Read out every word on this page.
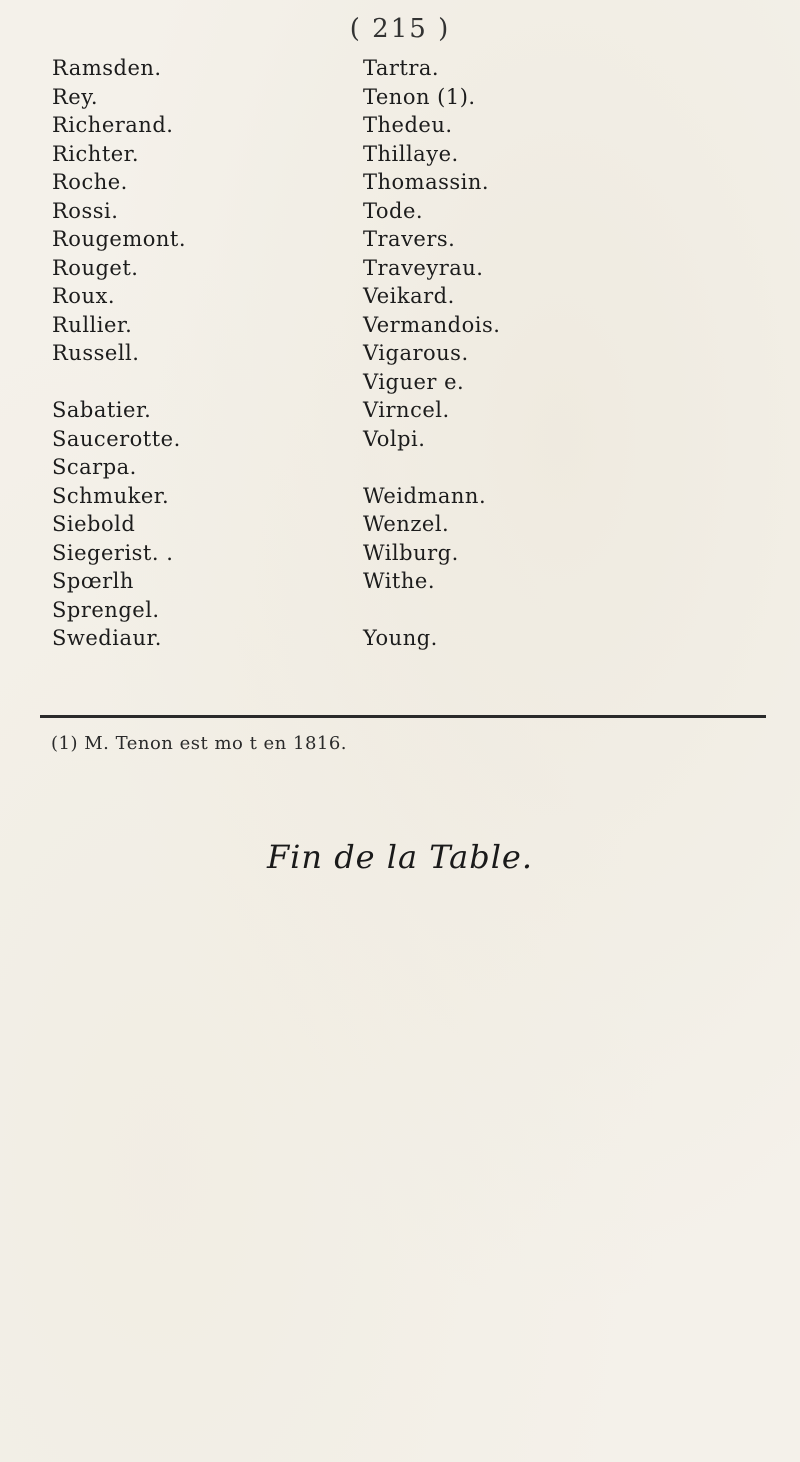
( 215 )
Ramsden.
Rey.
Richerand.
Richter.
Roche.
Rossi.
Rougemont.
Rouget.
Roux.
Rullier.
Russell.
Sabatier.
Saucerotte.
Scarpa.
Schmuker.
Siebold
Siegerist. .
Spœrlh
Sprengel.
Swediaur.
Tartra.
Tenon (1).
Thedeu.
Thillaye.
Thomassin.
Tode.
Travers.
Traveyrau.
Veikard.
Vermandois.
Vigarous.
Viguer e.
Virncel.
Volpi.
Weidmann.
Wenzel.
Wilburg.
Withe.
Young.
(1) M. Tenon est mo t en 1816.
Fin de la Table.
